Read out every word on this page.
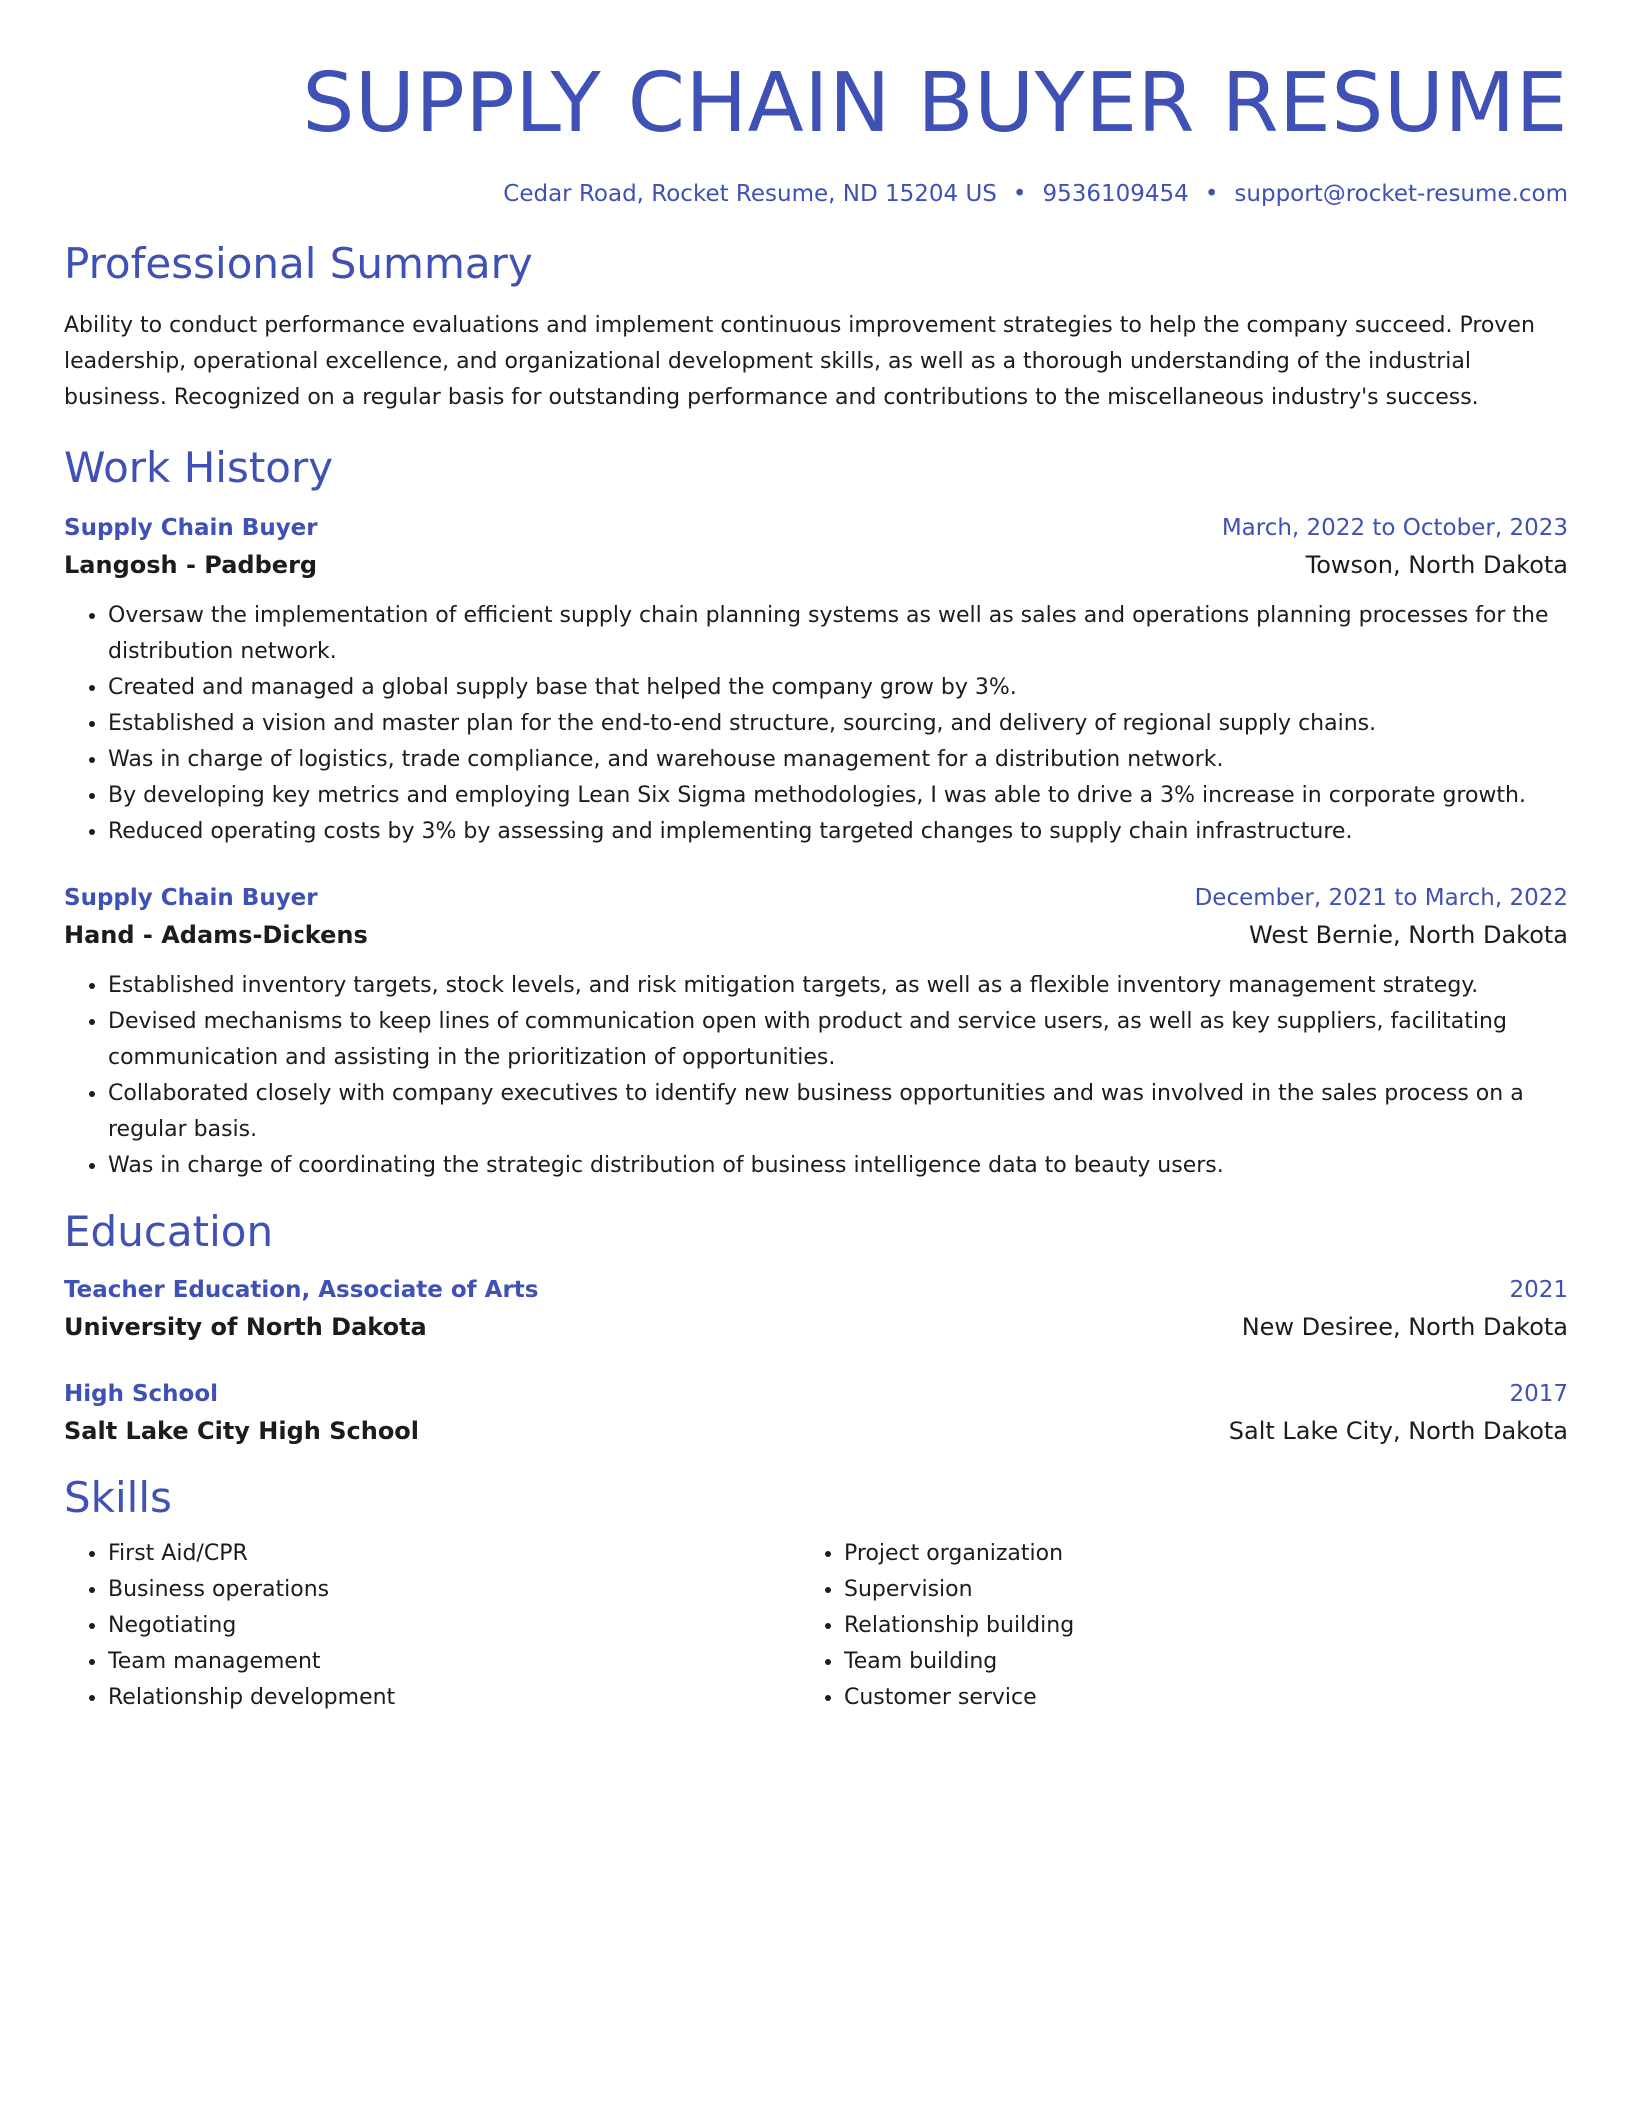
SUPPLY CHAIN BUYER RESUME
Cedar Road, Rocket Resume, ND 15204 US • 9536109454 • support@rocket-resume.com
Professional Summary

Ability to conduct performance evaluations and implement continuous improvement strategies to help the company succeed. Proven leadership, operational excellence, and organizational development skills, as well as a thorough understanding of the industrial business. Recognized on a regular basis for outstanding performance and contributions to the miscellaneous industry's success.

Work History
Supply Chain Buyer	March, 2022 to October, 2023
Langosh - Padberg	Towson, North Dakota
• Oversaw the implementation of efficient supply chain planning systems as well as sales and operations planning processes for the distribution network.
• Created and managed a global supply base that helped the company grow by 3%.
• Established a vision and master plan for the end-to-end structure, sourcing, and delivery of regional supply chains.
• Was in charge of logistics, trade compliance, and warehouse management for a distribution network.
• By developing key metrics and employing Lean Six Sigma methodologies, I was able to drive a 3% increase in corporate growth.
• Reduced operating costs by 3% by assessing and implementing targeted changes to supply chain infrastructure.
Supply Chain Buyer	December, 2021 to March, 2022
Hand - Adams-Dickens	West Bernie, North Dakota
• Established inventory targets, stock levels, and risk mitigation targets, as well as a flexible inventory management strategy.
• Devised mechanisms to keep lines of communication open with product and service users, as well as key suppliers, facilitating communication and assisting in the prioritization of opportunities.
• Collaborated closely with company executives to identify new business opportunities and was involved in the sales process on a regular basis.
• Was in charge of coordinating the strategic distribution of business intelligence data to beauty users.
Education
Teacher Education, Associate of Arts	2021
University of North Dakota	New Desiree, North Dakota
High School	2017
Salt Lake City High School	Salt Lake City, North Dakota
Skills
• First Aid/CPR
• Business operations
• Negotiating
• Team management
• Relationship development
• Project organization
• Supervision
• Relationship building
• Team building
• Customer service
